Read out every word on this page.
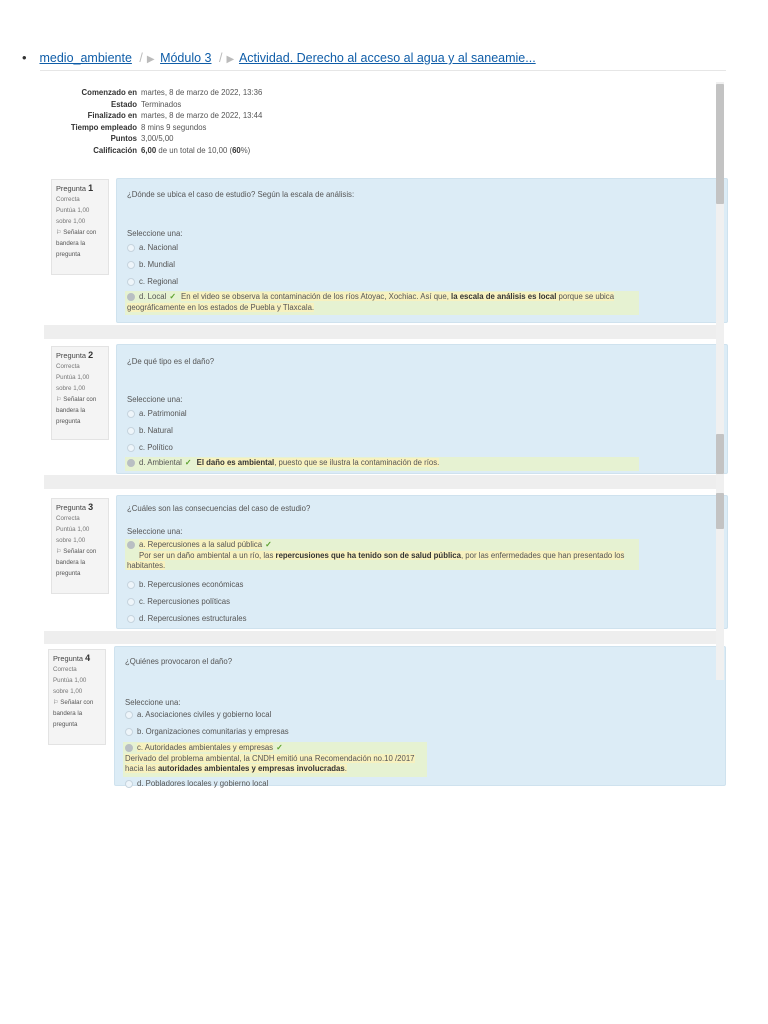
• medio_ambiente / ▶ Módulo 3 / ▶ Actividad. Derecho al acceso al agua y al saneamie...
Comenzado en martes, 8 de marzo de 2022, 13:36
Estado Terminados
Finalizado en martes, 8 de marzo de 2022, 13:44
Tiempo empleado 8 mins 9 segundos
Puntos 3,00/5,00
Calificación 6,00 de un total de 10,00 (60%)
Pregunta 1
Correcta
Puntúa 1,00 sobre 1,00
⚐ Señalar con bandera la pregunta
¿Dónde se ubica el caso de estudio? Según la escala de análisis:
Seleccione una:
a. Nacional
b. Mundial
c. Regional
d. Local ✓ En el video se observa la contaminación de los ríos Atoyac, Xochiac. Así que, la escala de análisis es local porque se ubica geográficamente en los estados de Puebla y Tlaxcala.
Pregunta 2
Correcta
Puntúa 1,00 sobre 1,00
⚐ Señalar con bandera la pregunta
¿De qué tipo es el daño?
Seleccione una:
a. Patrimonial
b. Natural
c. Político
d. Ambiental ✓ El daño es ambiental, puesto que se ilustra la contaminación de ríos.
Pregunta 3
Correcta
Puntúa 1,00 sobre 1,00
⚐ Señalar con bandera la pregunta
¿Cuáles son las consecuencias del caso de estudio?
Seleccione una:
a. Repercusiones a la salud pública ✓
Por ser un daño ambiental a un río, las repercusiones que ha tenido son de salud pública, por las enfermedades que han presentado los habitantes.
b. Repercusiones económicas
c. Repercusiones políticas
d. Repercusiones estructurales
Pregunta 4
Correcta
Puntúa 1,00 sobre 1,00
⚐ Señalar con bandera la pregunta
¿Quiénes provocaron el daño?
Seleccione una:
a. Asociaciones civiles y gobierno local
b. Organizaciones comunitarias y empresas
c. Autoridades ambientales y empresas ✓
Derivado del problema ambiental, la CNDH emitió una Recomendación no.10 /2017 hacia las autoridades ambientales y empresas involucradas.
d. Pobladores locales y gobierno local
